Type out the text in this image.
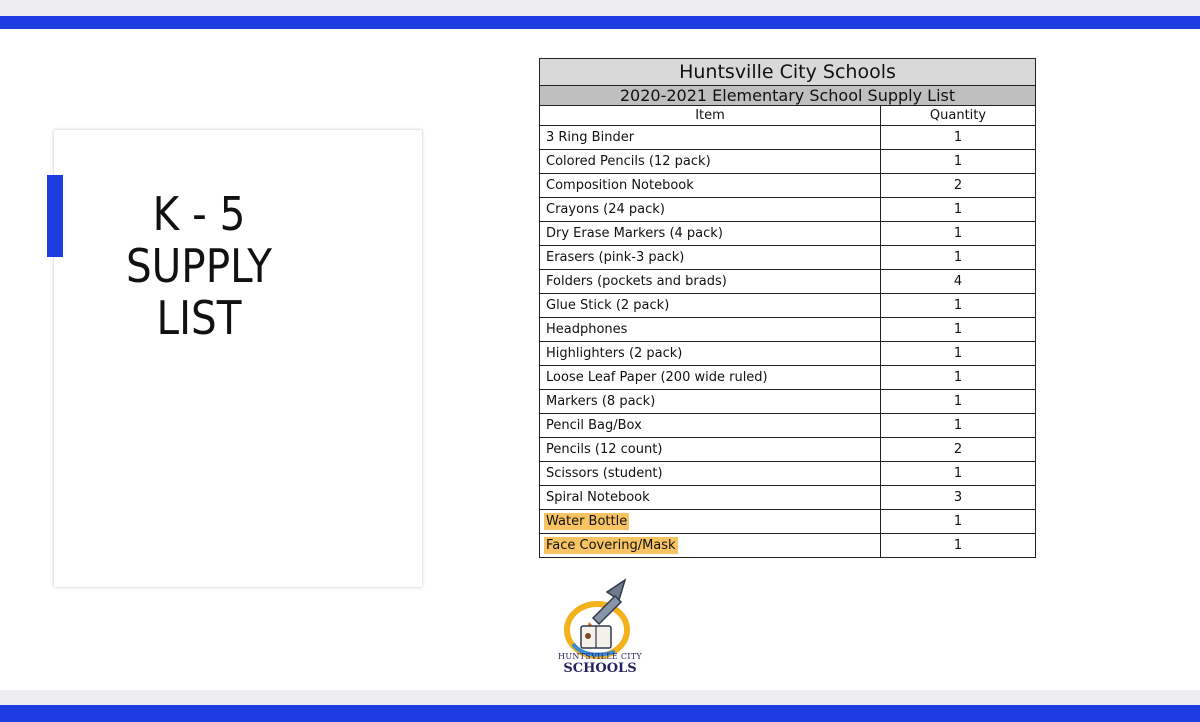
K - 5
SUPPLY
LIST
Huntsville City Schools	
2020-2021 Elementary School Supply List	
Item	Quantity
3 Ring Binder	1
Colored Pencils (12 pack)	1
Composition Notebook	2
Crayons (24 pack)	1
Dry Erase Markers (4 pack)	1
Erasers (pink-3 pack)	1
Folders (pockets and brads)	4
Glue Stick (2 pack)	1
Headphones	1
Highlighters (2 pack)	1
Loose Leaf Paper (200 wide ruled)	1
Markers (8 pack)	1
Pencil Bag/Box	1
Pencils (12 count)	2
Scissors (student)	1
Spiral Notebook	3
Water Bottle	1
Face Covering/Mask	1
HUNTSVILLE CITY
SCHOOLS
